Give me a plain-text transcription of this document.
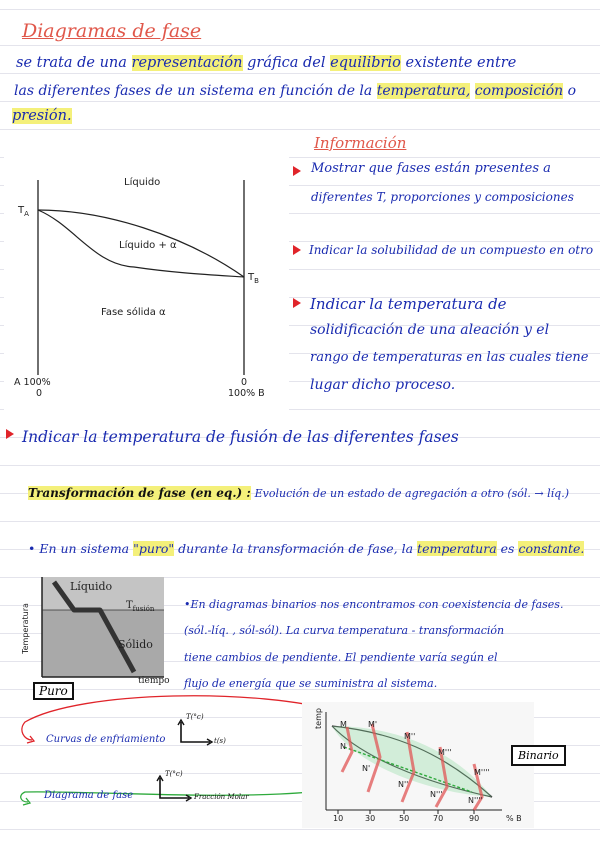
Diagramas de fase
se trata de una representación gráfica del equilibrio existente entre
las diferentes fases de un sistema en función de la temperatura, composición o
presión.
Líquido
$T_A$
$T_B$
Líquido + α
Fase sólida α
A 100%
0
0
100% B
Información
Mostrar que fases están presentes a
diferentes T, proporciones y composiciones
Indicar la solubilidad de un compuesto en otro
Indicar la temperatura de
solidificación de una aleación y el
rango de temperaturas en las cuales tiene
lugar dicho proceso.
Indicar la temperatura de fusión de las diferentes fases
Transformación de fase (en eq.) : Evolución de un estado de agregación a otro (sól. → líq.)
• En un sistema "puro" durante la transformación de fase, la temperatura es constante.
Temperatura
Líquido
$T_{fusión}$
Sólido
tiempo
Puro
•En diagramas binarios nos encontramos con coexistencia de fases.
(sól.-líq. , sól-sól). La curva temperatura - transformación
tiene cambios de pendiente. El pendiente varía según el
flujo de energía que se suministra al sistema.
Curvas de enfriamiento
T(°c)
t(s)
Diagrama de fase
T(°c)
Fracción Molar
temp	M'
M''
M'''
M''''
N'
N''
N'''
N''''
M
N
10	30	50	70	90	% B
Binario
